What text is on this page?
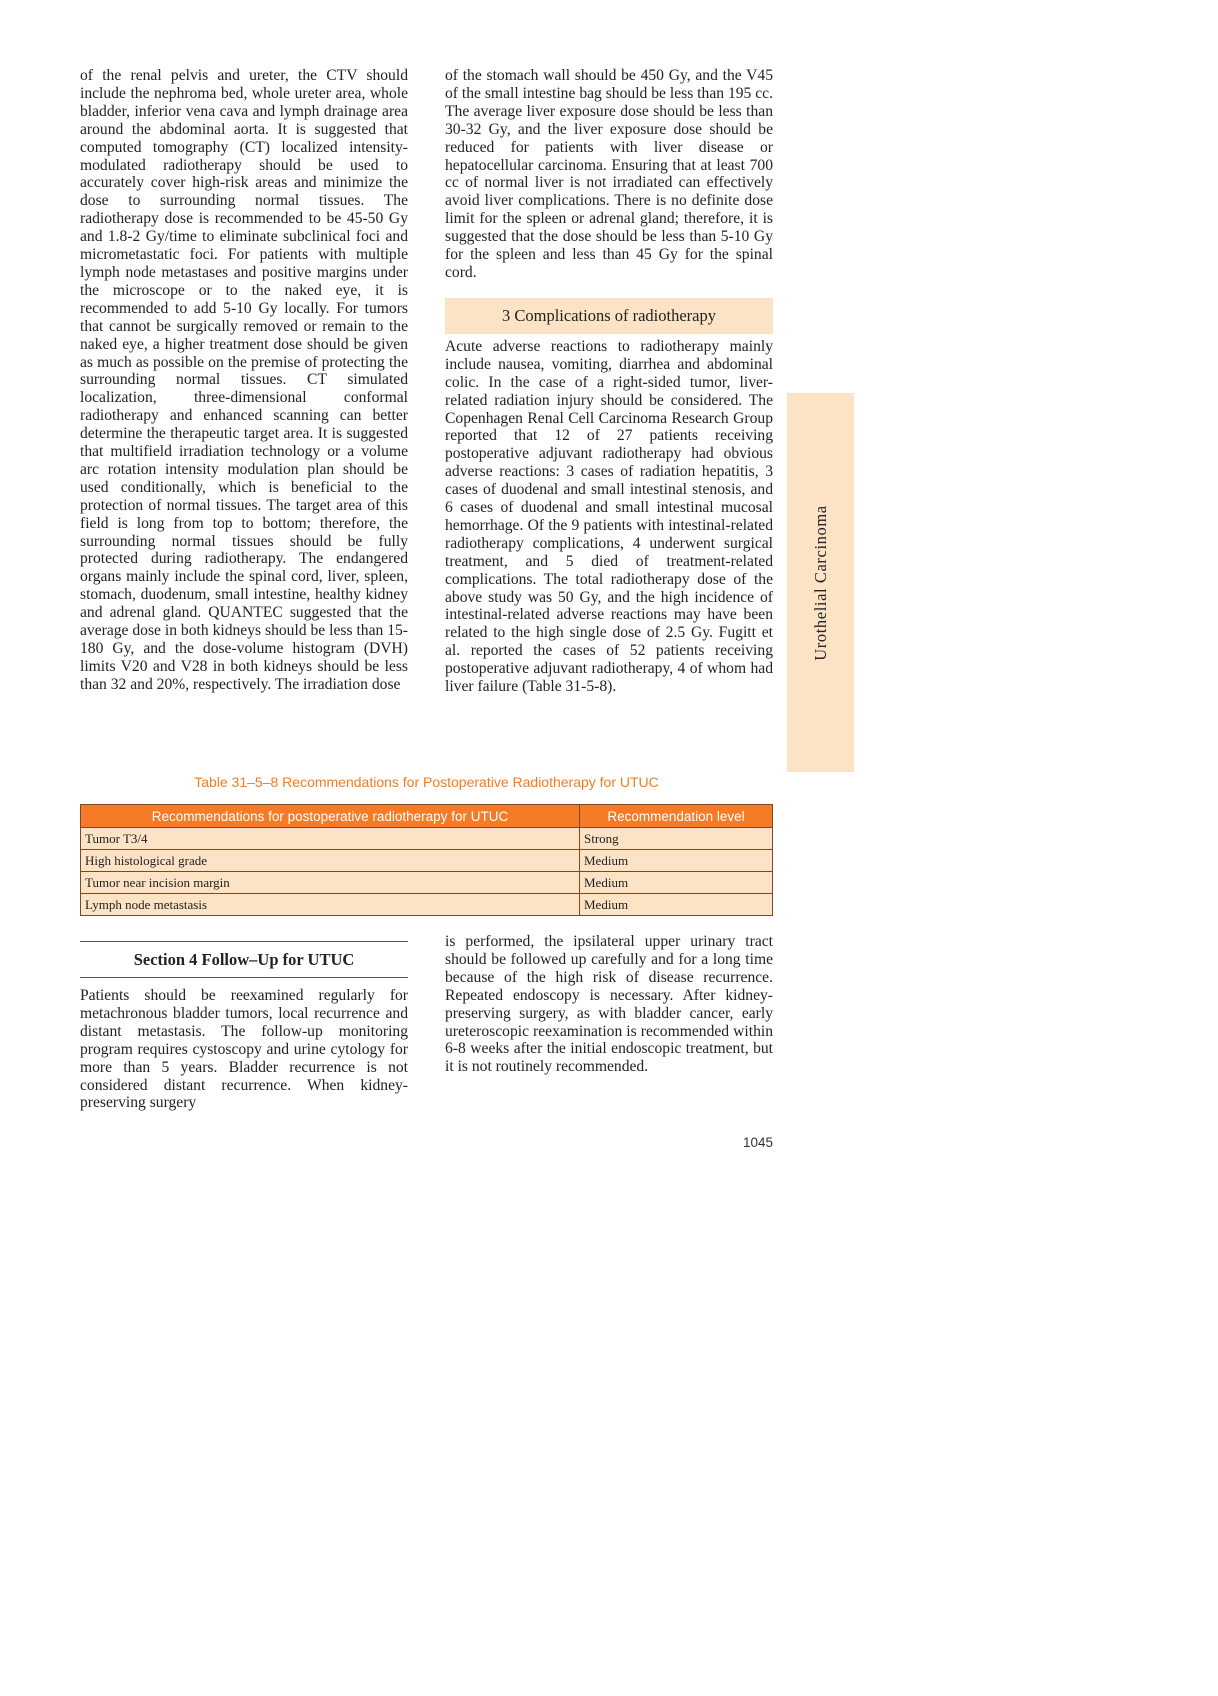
of the renal pelvis and ureter, the CTV should include the nephroma bed, whole ureter area, whole bladder, inferior vena cava and lymph drainage area around the abdominal aorta. It is suggested that computed tomography (CT) localized intensity-modulated radiotherapy should be used to accurately cover high-risk areas and minimize the dose to surrounding normal tissues. The radiotherapy dose is recommended to be 45-50 Gy and 1.8-2 Gy/time to eliminate subclinical foci and micrometastatic foci. For patients with multiple lymph node metastases and positive margins under the microscope or to the naked eye, it is recommended to add 5-10 Gy locally. For tumors that cannot be surgically removed or remain to the naked eye, a higher treatment dose should be given as much as possible on the premise of protecting the surrounding normal tissues. CT simulated localization, three-dimensional conformal radiotherapy and enhanced scanning can better determine the therapeutic target area. It is suggested that multifield irradiation technology or a volume arc rotation intensity modulation plan should be used conditionally, which is beneficial to the protection of normal tissues. The target area of this field is long from top to bottom; therefore, the surrounding normal tissues should be fully protected during radiotherapy. The endangered organs mainly include the spinal cord, liver, spleen, stomach, duodenum, small intestine, healthy kidney and adrenal gland. QUANTEC suggested that the average dose in both kidneys should be less than 15-180 Gy, and the dose-volume histogram (DVH) limits V20 and V28 in both kidneys should be less than 32 and 20%, respectively. The irradiation dose

of the stomach wall should be 450 Gy, and the V45 of the small intestine bag should be less than 195 cc. The average liver exposure dose should be less than 30-32 Gy, and the liver exposure dose should be reduced for patients with liver disease or hepatocellular carcinoma. Ensuring that at least 700 cc of normal liver is not irradiated can effectively avoid liver complications. There is no definite dose limit for the spleen or adrenal gland; therefore, it is suggested that the dose should be less than 5-10 Gy for the spleen and less than 45 Gy for the spinal cord.

3 Complications of radiotherapy

Acute adverse reactions to radiotherapy mainly include nausea, vomiting, diarrhea and abdominal colic. In the case of a right-sided tumor, liver-related radiation injury should be considered. The Copenhagen Renal Cell Carcinoma Research Group reported that 12 of 27 patients receiving postoperative adjuvant radiotherapy had obvious adverse reactions: 3 cases of radiation hepatitis, 3 cases of duodenal and small intestinal stenosis, and 6 cases of duodenal and small intestinal mucosal hemorrhage. Of the 9 patients with intestinal-related radiotherapy complications, 4 underwent surgical treatment, and 5 died of treatment-related complications. The total radiotherapy dose of the above study was 50 Gy, and the high incidence of intestinal-related adverse reactions may have been related to the high single dose of 2.5 Gy. Fugitt et al. reported the cases of 52 patients receiving postoperative adjuvant radiotherapy, 4 of whom had liver failure (Table 31-5-8).

Urothelial Carcinoma
Table 31–5–8 Recommendations for Postoperative Radiotherapy for UTUC
Recommendations for postoperative radiotherapy for UTUC	Recommendation level
Tumor T3/4	Strong
High histological grade	Medium
Tumor near incision margin	Medium
Lymph node metastasis	Medium
Section 4 Follow–Up for UTUC

Patients should be reexamined regularly for metachronous bladder tumors, local recurrence and distant metastasis. The follow-up monitoring program requires cystoscopy and urine cytology for more than 5 years. Bladder recurrence is not considered distant recurrence. When kidney-preserving surgery

is performed, the ipsilateral upper urinary tract should be followed up carefully and for a long time because of the high risk of disease recurrence. Repeated endoscopy is necessary. After kidney-preserving surgery, as with bladder cancer, early ureteroscopic reexamination is recommended within 6-8 weeks after the initial endoscopic treatment, but it is not routinely recommended.

1045
